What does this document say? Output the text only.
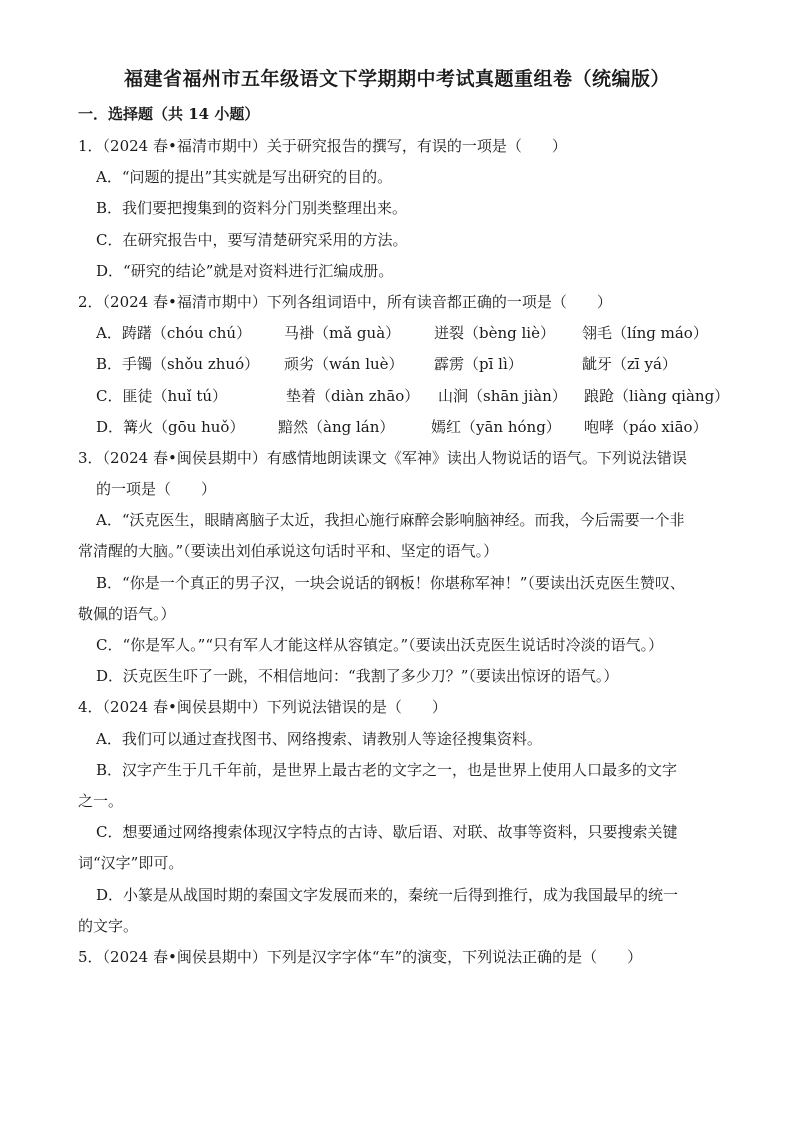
福建省福州市五年级语文下学期期中考试真题重组卷（统编版）
一．选择题（共 14 小题）
1．（2024 春•福清市期中）关于研究报告的撰写，有误的一项是（　　）
A．“问题的提出”其实就是写出研究的目的。
B．我们要把搜集到的资料分门别类整理出来。
C．在研究报告中，要写清楚研究采用的方法。
D．“研究的结论”就是对资料进行汇编成册。
2．（2024 春•福清市期中）下列各组词语中，所有读音都正确的一项是（　　）
A．踌躇（chóu chú） 马褂（mǎ guà） 迸裂（bèng liè） 翎毛（línɡ máo）
B．手镯（shǒu zhuó） 顽劣（wán luè） 霹雳（pī lì）	龇牙（zī yá）
C．匪徒（huǐ tú）	垫着（diàn zhāo） 山涧（shān jiàn） 踉跄（liàng qiàng）
D．篝火（gōu huǒ） 黯然（àng lán） 嫣红（yān hóng） 咆哮（páo xiāo）
3．（2024 春•闽侯县期中）有感情地朗读课文《军神》读出人物说话的语气。下列说法错误
的一项是（　　）
A．“沃克医生，眼睛离脑子太近，我担心施行麻醉会影响脑神经。而我，今后需要一个非
常清醒的大脑。”（要读出刘伯承说这句话时平和、坚定的语气。）
B．“你是一个真正的男子汉，一块会说话的钢板！你堪称军神！”（要读出沃克医生赞叹、
敬佩的语气。）
C．“你是军人。”“只有军人才能这样从容镇定。”（要读出沃克医生说话时冷淡的语气。）
D．沃克医生吓了一跳，不相信地问：“我割了多少刀？”（要读出惊讶的语气。）
4．（2024 春•闽侯县期中）下列说法错误的是（　　）
A．我们可以通过查找图书、网络搜索、请教别人等途径搜集资料。
B．汉字产生于几千年前，是世界上最古老的文字之一，也是世界上使用人口最多的文字
之一。
C．想要通过网络搜索体现汉字特点的古诗、歇后语、对联、故事等资料，只要搜索关键
词“汉字”即可。
D．小篆是从战国时期的秦国文字发展而来的，秦统一后得到推行，成为我国最早的统一
的文字。
5．（2024 春•闽侯县期中）下列是汉字字体“车”的演变，下列说法正确的是（　　）
